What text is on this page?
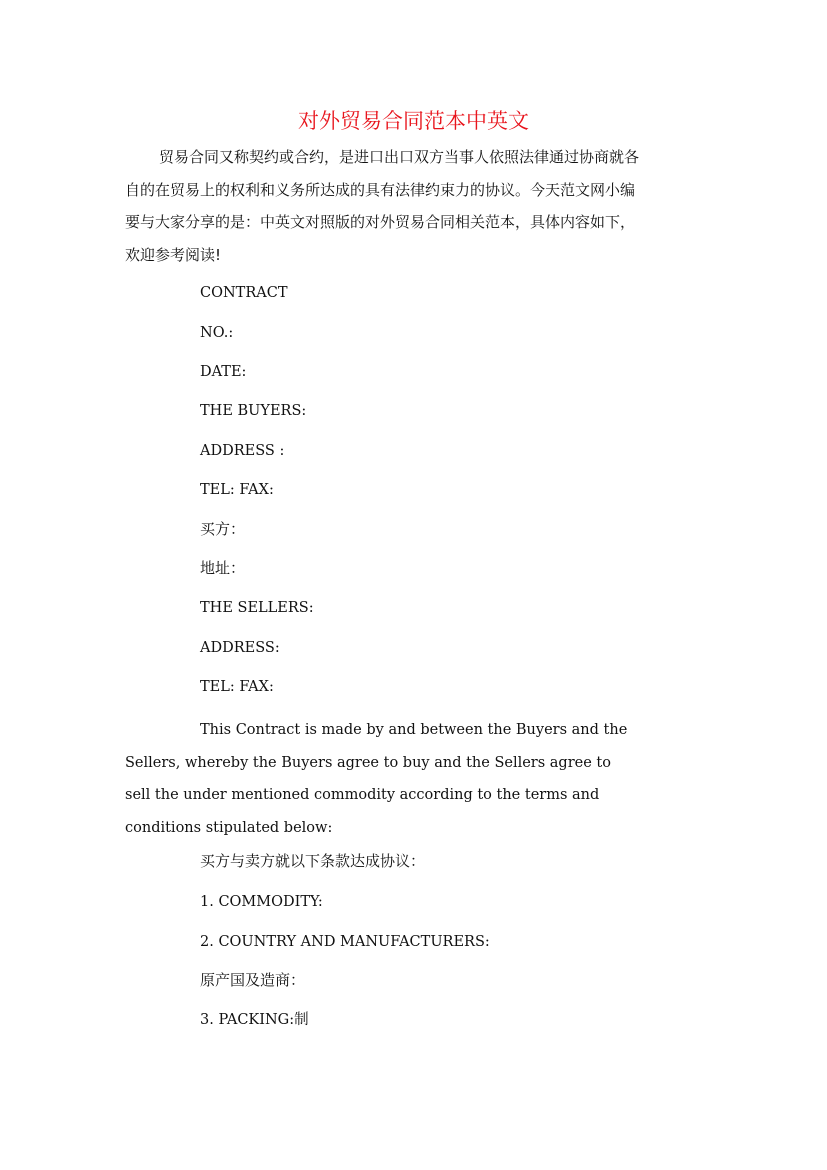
对外贸易合同范本中英文
贸易合同又称契约或合约，是进口出口双方当事人依照法律通过协商就各
自的在贸易上的权利和义务所达成的具有法律约束力的协议。今天范文网小编
要与大家分享的是：中英文对照版的对外贸易合同相关范本，具体内容如下，
欢迎参考阅读!
CONTRACT
NO.:
DATE:
THE BUYERS:
ADDRESS :
TEL: FAX:
买方：
地址：
THE SELLERS:
ADDRESS:
TEL: FAX:
This Contract is made by and between the Buyers and the
Sellers, whereby the Buyers agree to buy and the Sellers agree to
sell the under mentioned commodity according to the terms and
conditions stipulated below:
买方与卖方就以下条款达成协议：
1. COMMODITY:
2. COUNTRY AND MANUFACTURERS:
原产国及造商：
3. PACKING:制
